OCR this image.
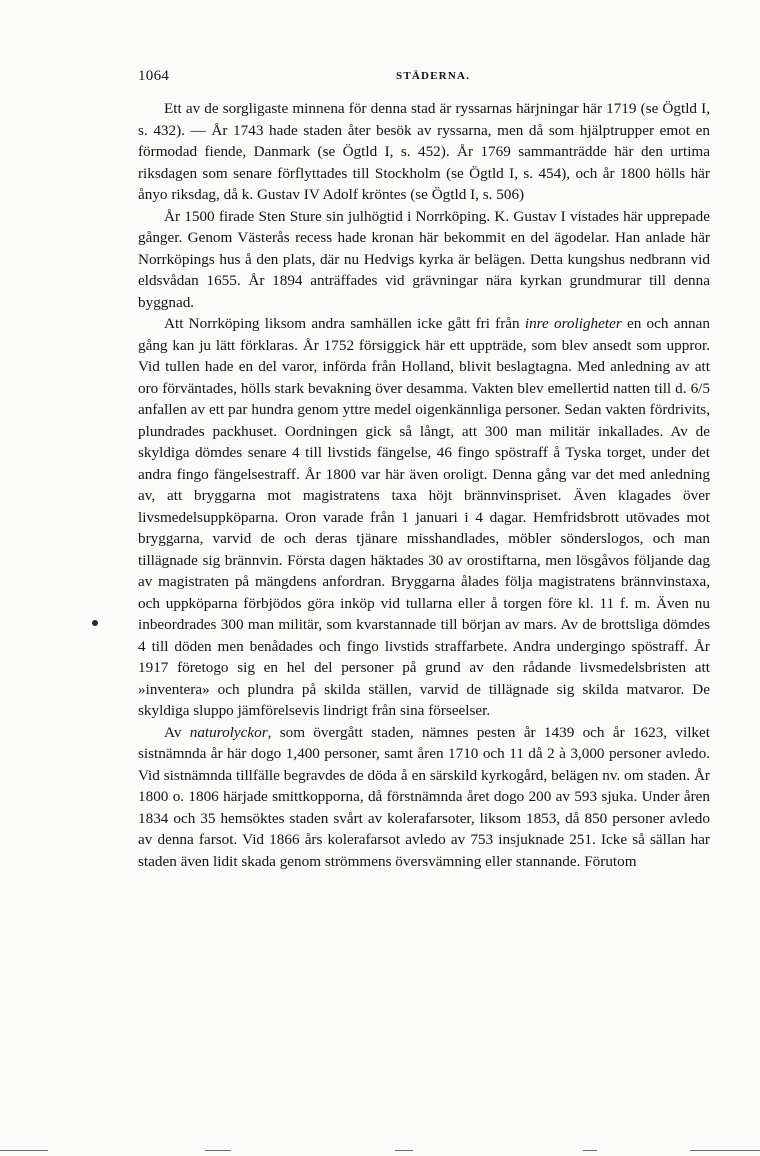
1064	STÄDERNA.

Ett av de sorgligaste minnena för denna stad är ryssarnas härjningar här 1719 (se Ögtld I, s. 432). — År 1743 hade staden åter besök av ryssarna, men då som hjälptrupper emot en förmodad fiende, Danmark (se Ögtld I, s. 452). År 1769 sammanträdde här den urtima riksdagen som senare förflyttades till Stockholm (se Ögtld I, s. 454), och år 1800 hölls här ånyo riksdag, då k. Gustav IV Adolf kröntes (se Ögtld I, s. 506)

År 1500 firade Sten Sture sin julhögtid i Norrköping. K. Gustav I vistades här upprepade gånger. Genom Västerås recess hade kronan här bekommit en del ägodelar. Han anlade här Norrköpings hus å den plats, där nu Hedvigs kyrka är belägen. Detta kungshus nedbrann vid eldsvådan 1655. År 1894 anträffades vid grävningar nära kyrkan grundmurar till denna byggnad.

Att Norrköping liksom andra samhällen icke gått fri från inre oroligheter en och annan gång kan ju lätt förklaras. År 1752 försiggick här ett uppträde, som blev ansedt som uppror. Vid tullen hade en del varor, införda från Holland, blivit beslagtagna. Med anledning av att oro förväntades, hölls stark bevakning över desamma. Vakten blev emellertid natten till d. 6/5 anfallen av ett par hundra genom yttre medel oigenkännliga personer. Sedan vakten fördrivits, plundrades packhuset. Oordningen gick så långt, att 300 man militär inkallades. Av de skyldiga dömdes senare 4 till livstids fängelse, 46 fingo spöstraff å Tyska torget, under det andra fingo fängelsestraff. År 1800 var här även oroligt. Denna gång var det med anledning av, att bryggarna mot magistratens taxa höjt brännvinspriset. Även klagades över livsmedelsuppköparna. Oron varade från 1 januari i 4 dagar. Hemfridsbrott utövades mot bryggarna, varvid de och deras tjänare misshandlades, möbler sönderslogos, och man tillägnade sig brännvin. Första dagen häktades 30 av orostiftarna, men lösgåvos följande dag av magistraten på mängdens anfordran. Bryggarna ålades följa magistratens brännvinstaxa, och uppköparna förbjödos göra inköp vid tullarna eller å torgen före kl. 11 f. m. Även nu inbeordrades 300 man militär, som kvarstannade till början av mars. Av de brottsliga dömdes 4 till döden men benådades och fingo livstids straffarbete. Andra undergingo spöstraff. År 1917 företogo sig en hel del personer på grund av den rådande livsmedelsbristen att »inventera» och plundra på skilda ställen, varvid de tillägnade sig skilda matvaror. De skyldiga sluppo jämförelsevis lindrigt från sina förseelser.

Av naturolyckor, som övergått staden, nämnes pesten år 1439 och år 1623, vilket sistnämnda år här dogo 1,400 personer, samt åren 1710 och 11 då 2 à 3,000 personer avledo. Vid sistnämnda tillfälle begravdes de döda å en särskild kyrkogård, belägen nv. om staden. År 1800 o. 1806 härjade smittkopporna, då förstnämnda året dogo 200 av 593 sjuka. Under åren 1834 och 35 hemsöktes staden svårt av kolerafarsoter, liksom 1853, då 850 personer avledo av denna farsot. Vid 1866 års kolerafarsot avledo av 753 insjuknade 251. Icke så sällan har staden även lidit skada genom strömmens översvämning eller stannande. Förutom
